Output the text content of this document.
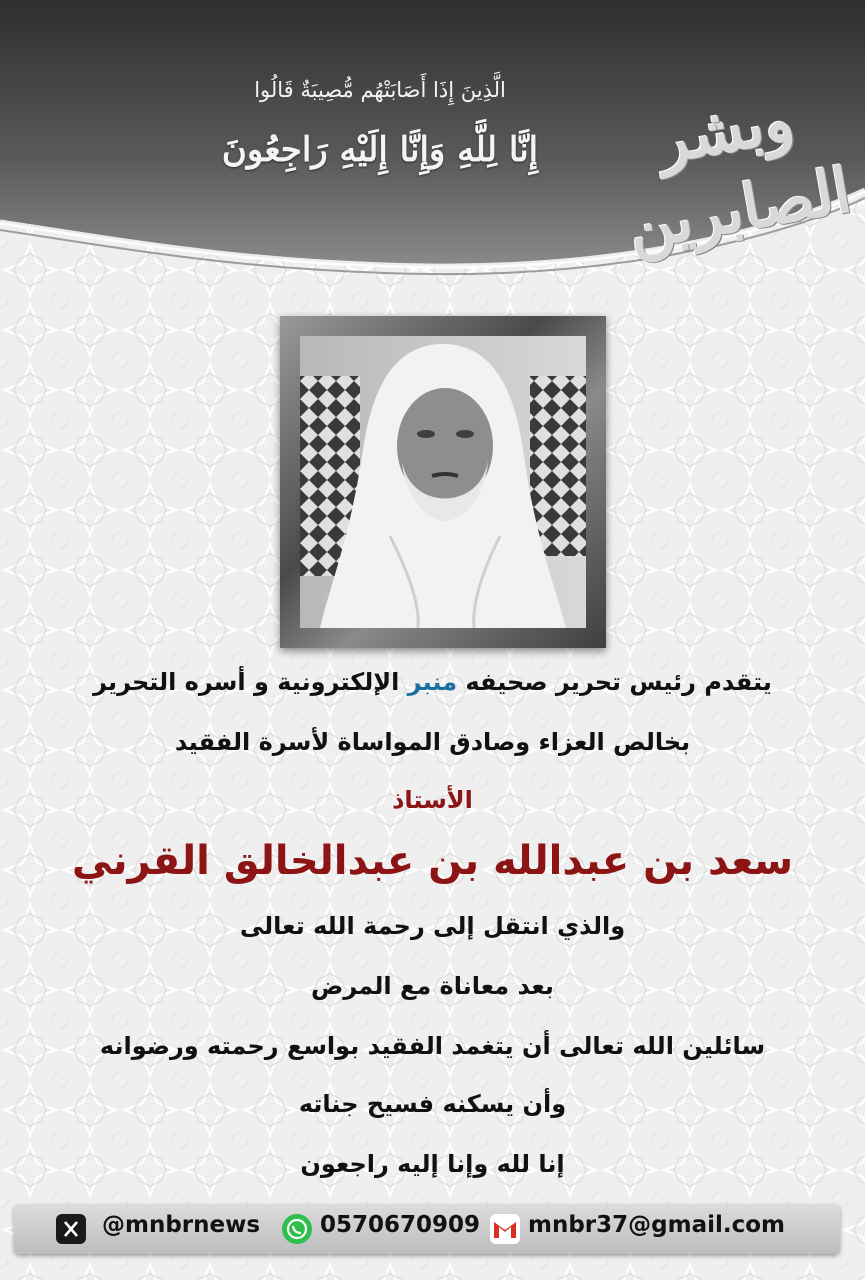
الَّذِينَ إِذَا أَصَابَتْهُم مُّصِيبَةٌ قَالُوا
إِنَّا لِلَّهِ وَإِنَّا إِلَيْهِ رَاجِعُونَ	وبشر
الصابرين
يتقدم رئيس تحرير صحيفه منبر الإلكترونية و أسره التحرير
بخالص العزاء وصادق المواساة لأسرة الفقيد
الأستاذ
سعد بن عبدالله بن عبدالخالق القرني
والذي انتقل إلى رحمة الله تعالى
بعد معاناة مع المرض
سائلين الله تعالى أن يتغمد الفقيد بواسع رحمته ورضوانه
وأن يسكنه فسيح جناته
إنا لله وإنا إليه راجعون
@mnbrnews	0570670909 mnbr37@gmail.com
